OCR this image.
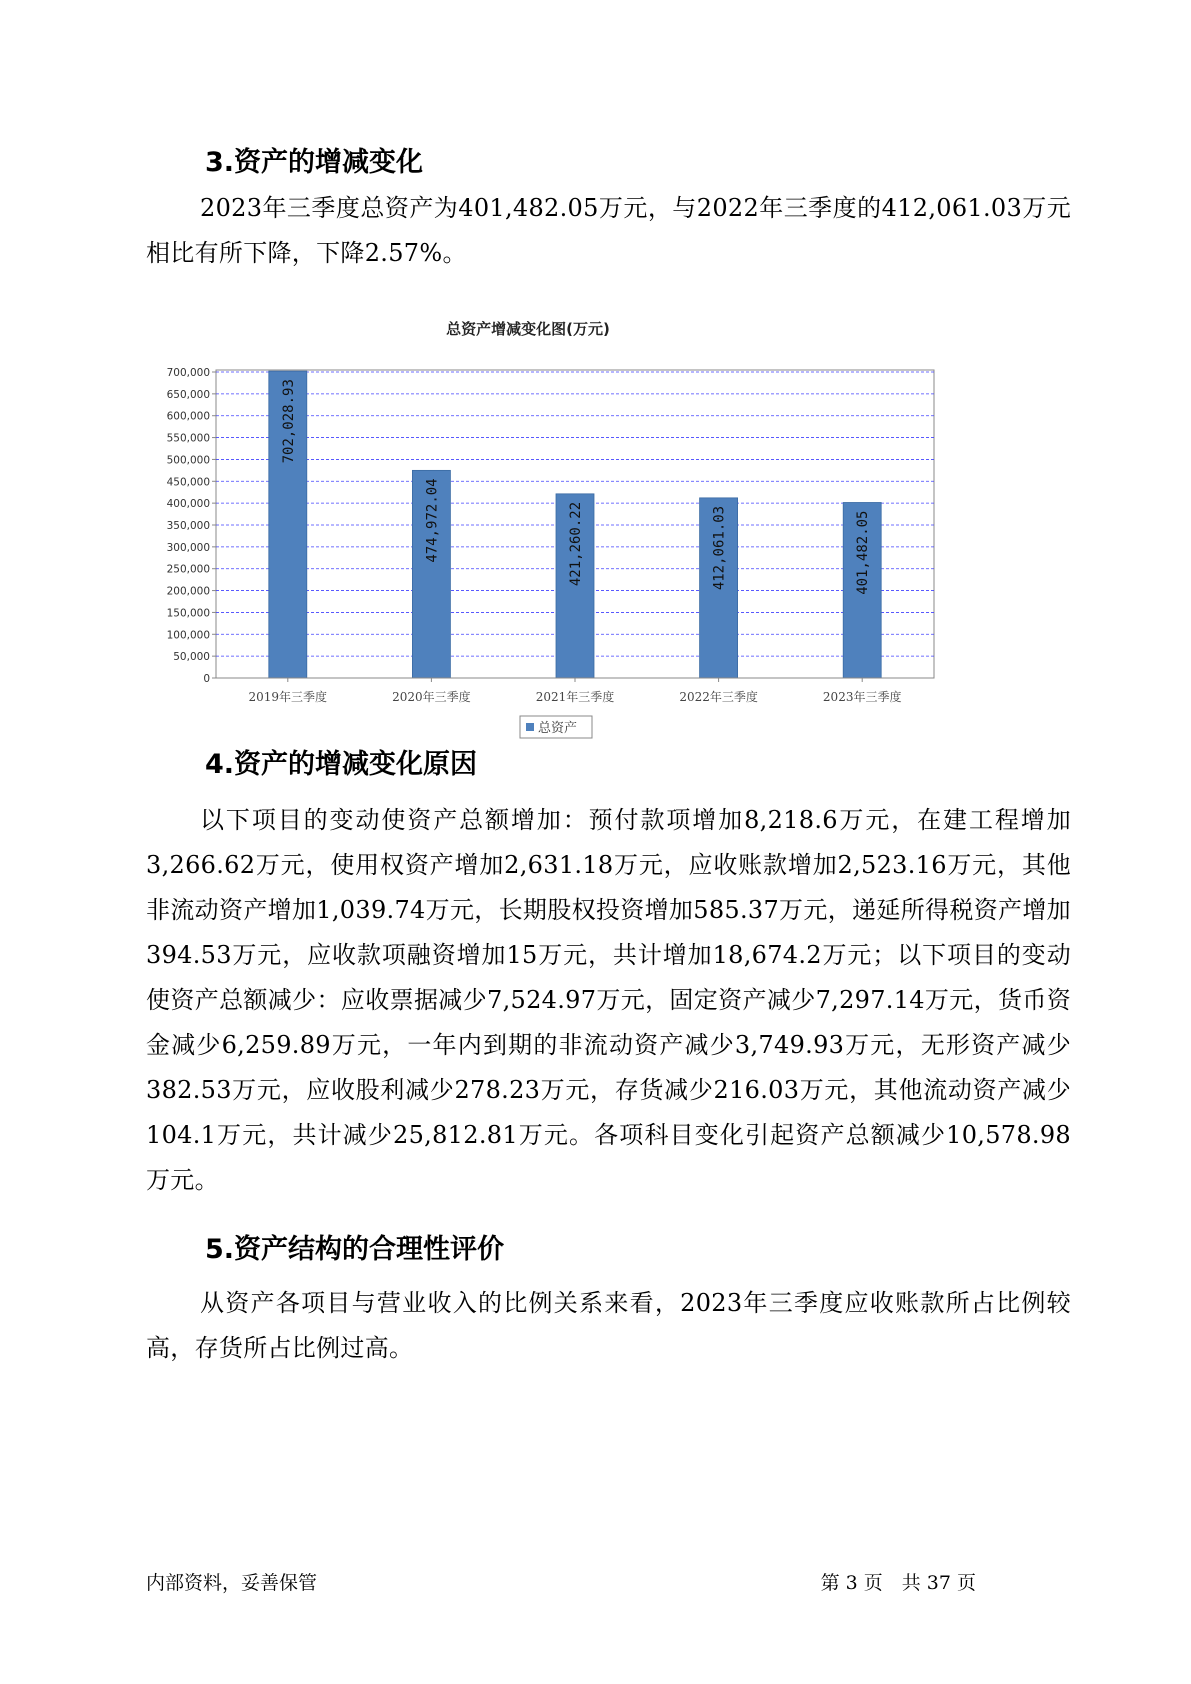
3.资产的增减变化

2023年三季度总资产为401,482.05万元，与2022年三季度的412,061.03万元相比有所下降，下降2.57%。

总资产增减变化图(万元)
0
50,000
100,000
150,000
200,000
250,000
300,000
350,000
400,000
450,000
500,000
550,000
600,000
650,000
700,000
702,028.93
2019年三季度
474,972.04
2020年三季度
421,260.22
2021年三季度
412,061.03
2022年三季度
401,482.05
2023年三季度
总资产
4.资产的增减变化原因

以下项目的变动使资产总额增加：预付款项增加8,218.6万元，在建工程增加3,266.62万元，使用权资产增加2,631.18万元，应收账款增加2,523.16万元，其他非流动资产增加1,039.74万元，长期股权投资增加585.37万元，递延所得税资产增加394.53万元，应收款项融资增加15万元，共计增加18,674.2万元；以下项目的变动使资产总额减少：应收票据减少7,524.97万元，固定资产减少7,297.14万元，货币资金减少6,259.89万元，一年内到期的非流动资产减少3,749.93万元，无形资产减少382.53万元，应收股利减少278.23万元，存货减少216.03万元，其他流动资产减少104.1万元，共计减少25,812.81万元。各项科目变化引起资产总额减少10,578.98万元。

5.资产结构的合理性评价

从资产各项目与营业收入的比例关系来看，2023年三季度应收账款所占比例较高，存货所占比例过高。

内部资料，妥善保管	第 3 页　共 37 页
